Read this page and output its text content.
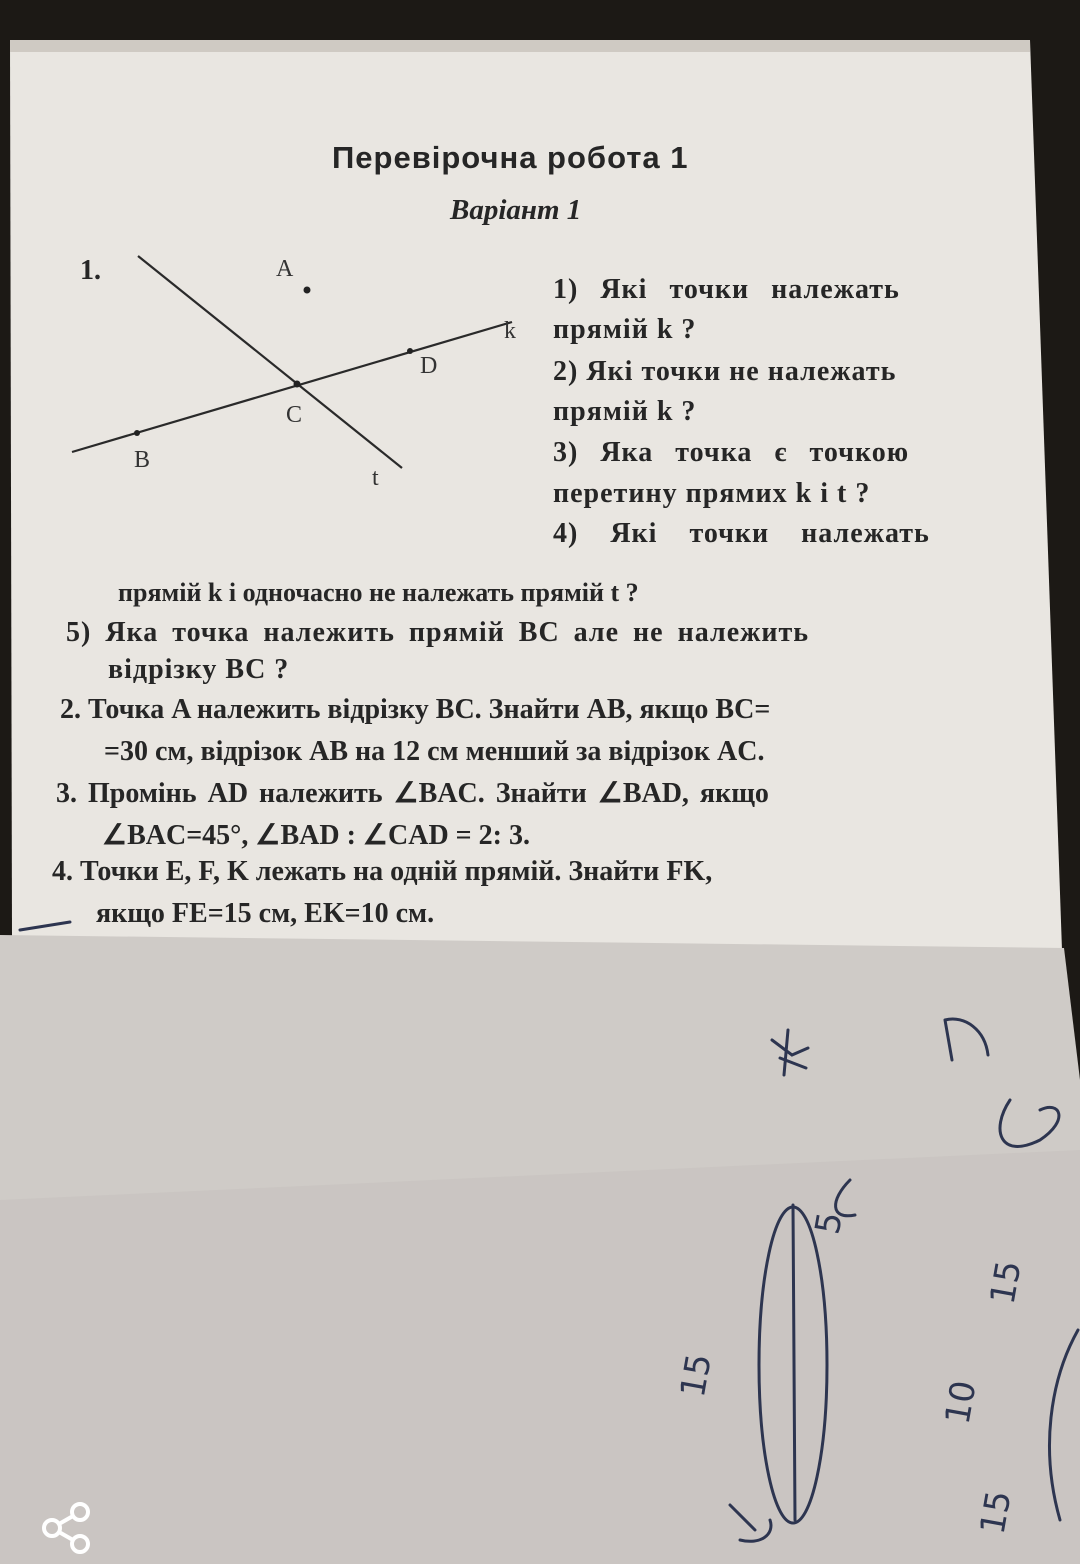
15
15
5
10
15
Перевірочна робота 1
Варіант 1
1.	A
k
D
C
B
t
1) Які точки належать
прямій k ?
2) Які точки не належать
прямій k ?
3) Яка точка є точкою
перетину прямих k і t ?
4) Які точки належать
прямій k і одночасно не належать прямій t ?
5) Яка точка належить прямій BC але не належить
відрізку BC ?
2. Точка A належить відрізку BC. Знайти AB, якщо BC=
=30 см, відрізок AB на 12 см менший за відрізок AC.
3. Промінь AD належить ∠BAC. Знайти ∠BAD, якщо
∠BAC=45°, ∠BAD : ∠CAD = 2: 3.
4. Точки E, F, K лежать на одній прямій. Знайти FK,
якщо FE=15 см, EK=10 см.
